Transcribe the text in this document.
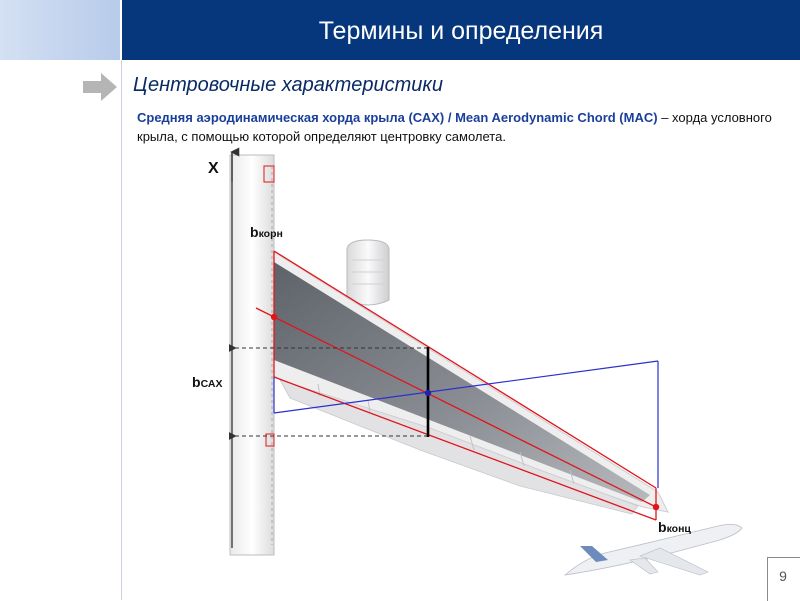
Термины и определения
Центровочные характеристики
Средняя аэродинамическая хорда крыла (САХ) / Mean Aerodynamic Chord (MAC) – хорда условного крыла, с помощью которой определяют центровку самолета.
X
bкорн
bСАХ
bконц
9
